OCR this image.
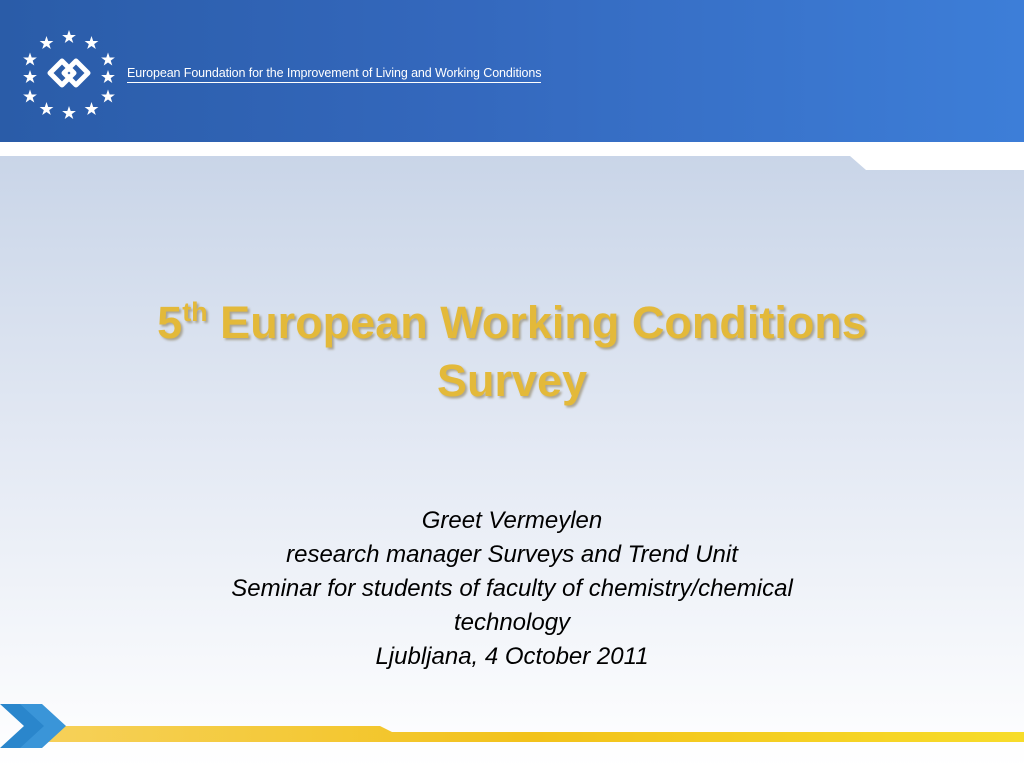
European Foundation for the Improvement of Living and Working Conditions
5th European Working Conditions
Survey
Greet Vermeylen
research manager Surveys and Trend Unit
Seminar for students of faculty of chemistry/chemical
technology
Ljubljana, 4 October 2011
